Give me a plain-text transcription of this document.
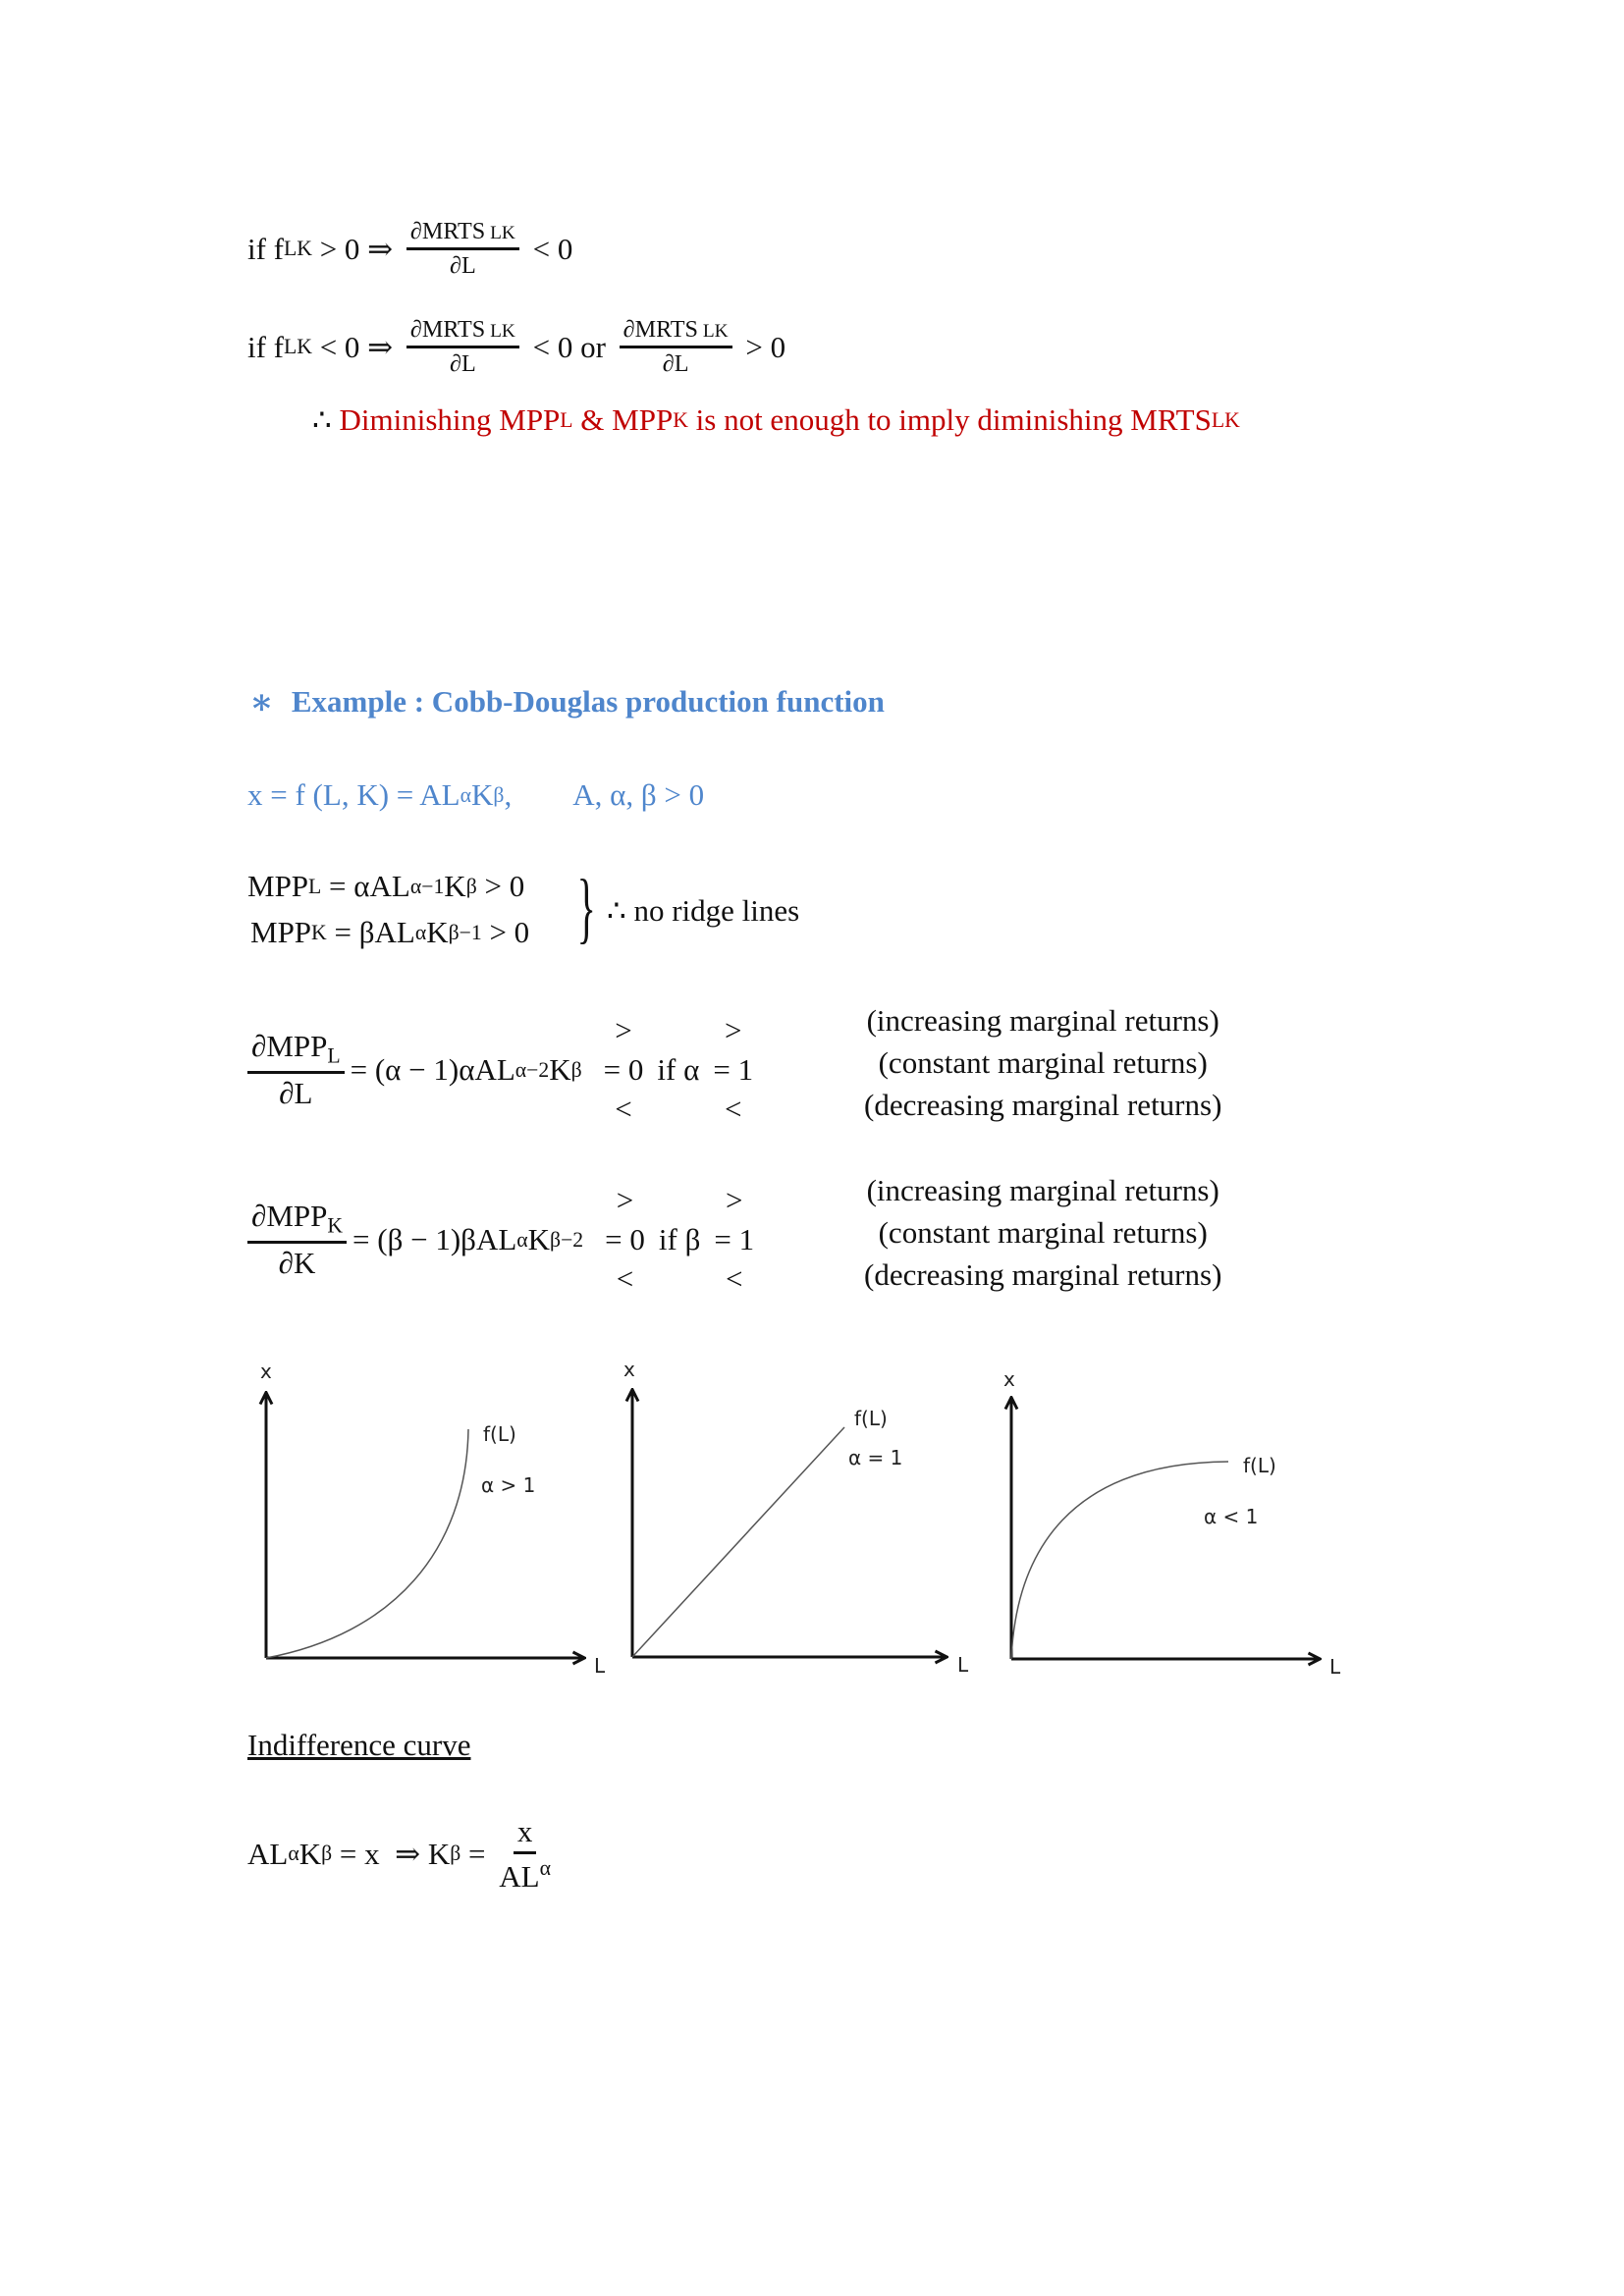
if f LK > 0 ⇒ $\frac{\text{∂MRTS LK}}{\partial L} < 0$
if f LK < 0 ⇒ $\frac{\text{∂MRTS LK}}{\partial L} < 0$ or $\frac{\text{∂MRTS LK}}{\partial L} > 0$
∴ Diminishing MPP L & MPP K is not enough to imply diminishing MRTS LK
∗ Example : Cobb-Douglas production function
x = f (L, K) = AL α K β , A, α, β > 0
MPP L = αAL α−1 K β > 0
MPP K = βAL α K β−1 > 0 } ∴ no ridge lines
$\frac{\partial MPP_L}{\partial L} = (\alpha - 1)\alpha AL$ α−2 K β
>
= 0
<
if α
>
= 1
<
(increasing marginal returns)
(constant marginal returns)
(decreasing marginal returns)
$\frac{\partial MPP_K}{\partial K} = (\beta - 1)\beta AL$ α K β−2
>
= 0
<
if β
>
= 1
<
(increasing marginal returns)
(constant marginal returns)
(decreasing marginal returns)
x
L
f(L)
α > 1
x
L
f(L)
α = 1
x
L
f(L)
α < 1
Indifference curve
AL α K β = x  ⇒ K $\beta = \frac{x}{AL^\alpha}$
